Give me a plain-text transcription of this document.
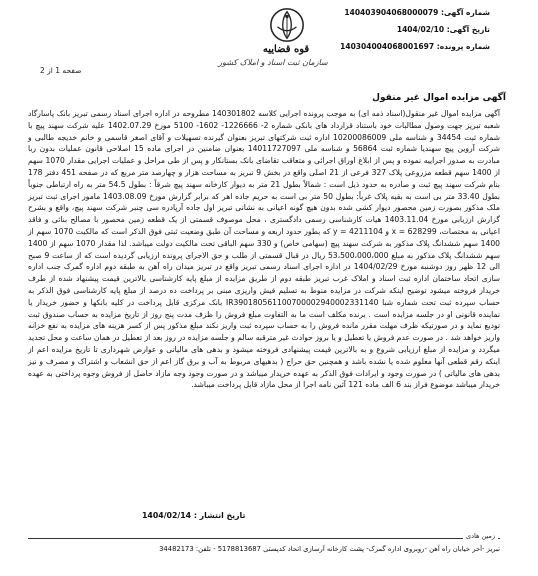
قوه قضاییه
سازمان ثبت اسناد و املاک کشور
صفحه 1 از 2
شماره آگهی: 140403904068000079
تاریخ آگهی: 1404/02/10
شماره پرونده: 140304004068001697
آگهی مزایده اموال غیر منقول

آگهی مزایده اموال غیر منقول(اسناد ذمه ای) به موجب پرونده اجرایی کلاسه 140301802 مطروحه در اداره اجرای اسناد رسمی تبریز بانک پاسارگاد شعبه تبریز جهت وصول مطالبات خود باستناد قرارداد های بانکی شماره 2- 1226666- 1602- 5100 مورخ 1402.07.29 علیه شرکت سهند پیچ با شماره ثبت 34454 و شناسه ملی 10200086009 اداره ثبت شرکتهای تبریز بعنوان گیرنده تسهیلات و آقای اصغر قاسمی و خانم خدیجه طالبی و شرکت آروین پیچ سهندیا شماره ثبت 56864 و شناسه ملی 14011727097 بعنوان ضامنین در اجرای ماده 15 اصلاحی قانون عملیات بدون ربا مبادرت به صدور اجراییه نموده و پس از ابلاغ اوراق اجرائی و متعاقب تقاضای بانک بستانکار و پس از طی مراحل و عملیات اجرایی مقدار 1070 سهم از 1400 سهم قطعه مزروعی پلاک 327 فرعی از 21 اصلی واقع در بخش 9 تبریز به مساحت هزار و چهارصد متر مربع که در صفحه 451 دفتر 178 بنام شرکت سهند پیچ ثبت و صادره به حدود ذیل است : شمالاً بطول 21 متر به دیوار کارخانه سهند پیچ شرقاً : بطول 54.5 متر به راه ارتباطی جنوباً بطول 33.40 متر بی است به بقیه پلاک غرباً: بطول 50 متر بی است به حریم جاده اهر که برابر گزارش مورخ 1403.08.09 مامور اجرای ثبت تبریز ملک مذکور بصورت زمین محصور دیوار کشی شده بدون هیچ گونه اعیانی به نشانی تبریز اول جاده آرپادره سی چنبر شرکت سهند پیچ، واقع و بشرح گزارش ارزیابی مورخ 1403.11.04 هیات کارشناسی رسمی دادگستری ، محل موصوف قسمتی از یک قطعه زمین محصور با مصالح بنائی و فاقد اعیانی به مختصات، x = 628299 و y = 4211104 که بطور حدود اربعه و مساحت آن طبق وضعیت ثبتی فوق الذکر است که مالکیت 1070 سهم از 1400 سهم ششدانگ پلاک مذکور به شرکت سهند پیچ (سهامی خاص) و 330 سهم الباقی تحت مالکیت دولت میباشد. لذا مقدار 1070 سهم از 1400 سهم ششدانگ پلاک مذکور به مبلغ 53،500،000،000 ریال در قبال قسمتی از طلب و حق الاجرای پرونده ارزیابی گردیده است که از ساعت 9 صبح الی 12 ظهر روز دوشنبه مورخ 1404/02/29 در اداره اجرای اسناد رسمی تبریز واقع در تبریز میدان راه آهن به طبقه دوم اداره گمرک جنب اداره سازی اتحاد ساختمان اداره ثبت اسناد و املاک غرب تبریز طبقه دوم از طریق مزایده از مبلغ پایه کارشناسی بالاترین قیمت پیشنهاد شده از طرف خریدار فروخته میشود توضیح اینکه شرکت در مزایده منوط به تسلیم فیش واریزی مبنی بر پرداخت ده درصد از مبلغ پایه کارشناسی فوق الذکر به حساب سپرده ثبت تحت شماره شبا IR390180561100700002940002331140 بانک مرکزی قابل پرداخت در کلیه بانکها و حضور خریدار یا نماینده قانونی او در جلسه مزایده است . برنده مکلف است ما به التفاوت مبلغ فروش را ظرف مدت پنج روز از تاریخ مزایده به حساب صندوق ثبت تودیع نماید و در صورتیکه ظرف مهلت مقرر مانده فروش را به حساب سپرده ثبت واریز نکند مبلغ مذکور پس از کسر هزینه های مزایده به نفع خزانه واریز خواهد شد . در صورت عدم فروش یا تعطیل و یا بروز حوادث غیر مترقبه سالم و جلسه مزایده در روز بعد از تعطیل در همان ساعت و محل تجدید میگردد و مزایده از مبلغ ارزیابی شروع و به بالاترین قیمت پیشنهادی فروخته میشود و بدهی های مالیاتی و عوارض شهرداری تا تاریخ مزایده اعم از اینکه رقم قطعی آنها معلوم شده یا نشده باشد و همچنین حق حراج ( بدهیهای مربوط به آب و برق گاز اعم از حق انشعاب و اشتراک و مصرف و نیز بدهی های مالیاتی ) در صورت وجود و ایرادات فوق الذکر به عهده خریدار میباشد و در صورت وجود وجه مازاد حاصل از فروش وجوه پرداختی به عهده خریدار میباشد موضوع فراز بند 6 الف ماده 121 آئین نامه اجرا از محل مازاد قابل پرداخت میباشد.

تاریخ انتشار : 1404/02/14
زمین هادی
تبریز -آخر خیابان راه آهن -روبروی اداره گمرک- پشت کارخانه آرسازی اتحاد کدپستی 5178813687 - تلفن: 34482173
